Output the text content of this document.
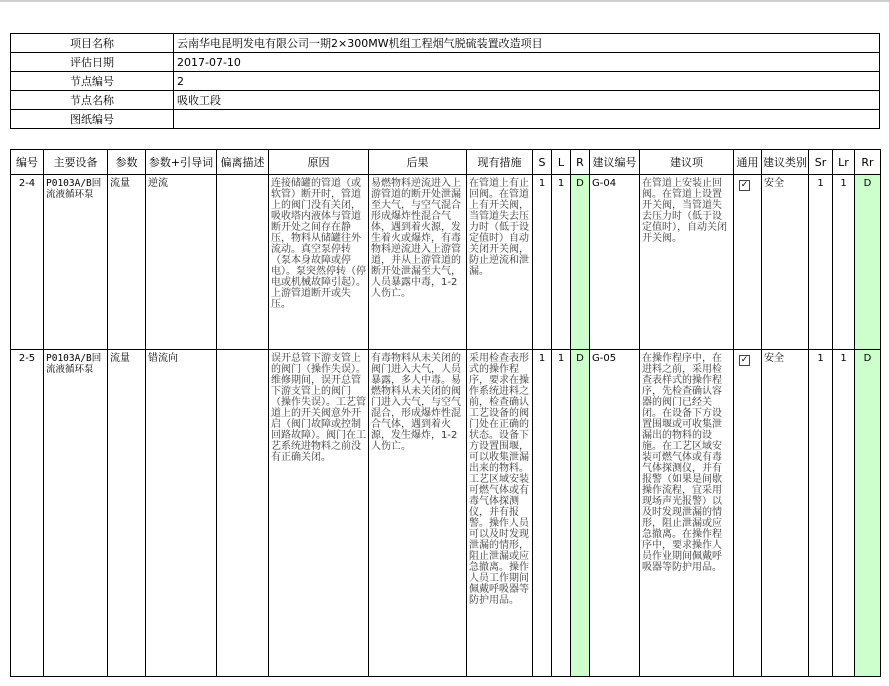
项目名称	云南华电昆明发电有限公司一期2×300MW机组工程烟气脱硫装置改造项目
评估日期	2017-07-10
节点编号	2
节点名称	吸收工段
图纸编号	
编号	主要设备	参数	参数+引导词	偏离描述	原因	后果	现有措施	S	L	R	建议编号	建议项	通用	建议类别	Sr	Lr	Rr
2-4	P0103A/B回流液循环泵	流量	逆流		连接储罐的管道（或软管）断开时，管道上的阀门没有关闭，吸收塔内液体与管道断开处之间存在静压，物料从储罐往外流动。真空泵停转（泵本身故障或停电）。泵突然停转（停电或机械故障引起）。上游管道断开或失压。	易燃物料逆流进入上游管道的断开处泄漏至大气，与空气混合形成爆炸性混合气体，遇到着火源，发生着火或爆炸，有毒物料逆流进入上游管道，并从上游管道的断开处泄漏至大气，人员暴露中毒，1-2人伤亡。	在管道上有止回阀。在管道上有开关阀，当管道失去压力时（低于设定值时）自动关闭开关阀，防止逆流和泄漏。	1	1	D	G-04	在管道上安装止回阀。在管道上设置开关阀，当管道失去压力时（低于设定值时），自动关闭开关阀。	✓	安全	1	1	D
2-5	P0103A/B回流液循环泵	流量	错流向		误开总管下游支管上的阀门（操作失误）。维修期间，误开总管下游支管上的阀门（操作失误）。工艺管道上的开关阀意外开启（阀门故障或控制回路故障）。阀门在工艺系统进物料之前没有正确关闭。	有毒物料从未关闭的阀门进入大气，人员暴露，多人中毒。易燃物料从未关闭的阀门进入大气，与空气混合，形成爆炸性混合气体，遇到着火源，发生爆炸，1-2人伤亡。	采用检查表形式的操作程序，要求在操作系统进料之前，检查确认工艺设备的阀门处在正确的状态。设备下方设置围堰，可以收集泄漏出来的物料。工艺区域安装可燃气体或有毒气体探测仪，并有报警。操作人员可以及时发现泄漏的情形，阻止泄漏或应急撤离。操作人员工作期间佩戴呼吸器等防护用品。	1	1	D	G-05	在操作程序中，在进料之前，采用检查表样式的操作程序，先检查确认容器的阀门已经关闭。在设备下方设置围堰或可收集泄漏出的物料的设施。在工艺区域安装可燃气体或有毒气体探测仪，并有报警（如果是间歇操作流程，宜采用现场声光报警）以及时发现泄漏的情形，阻止泄漏或应急撤离。在操作程序中，要求操作人员作业期间佩戴呼吸器等防护用品。	✓	安全	1	1	D
